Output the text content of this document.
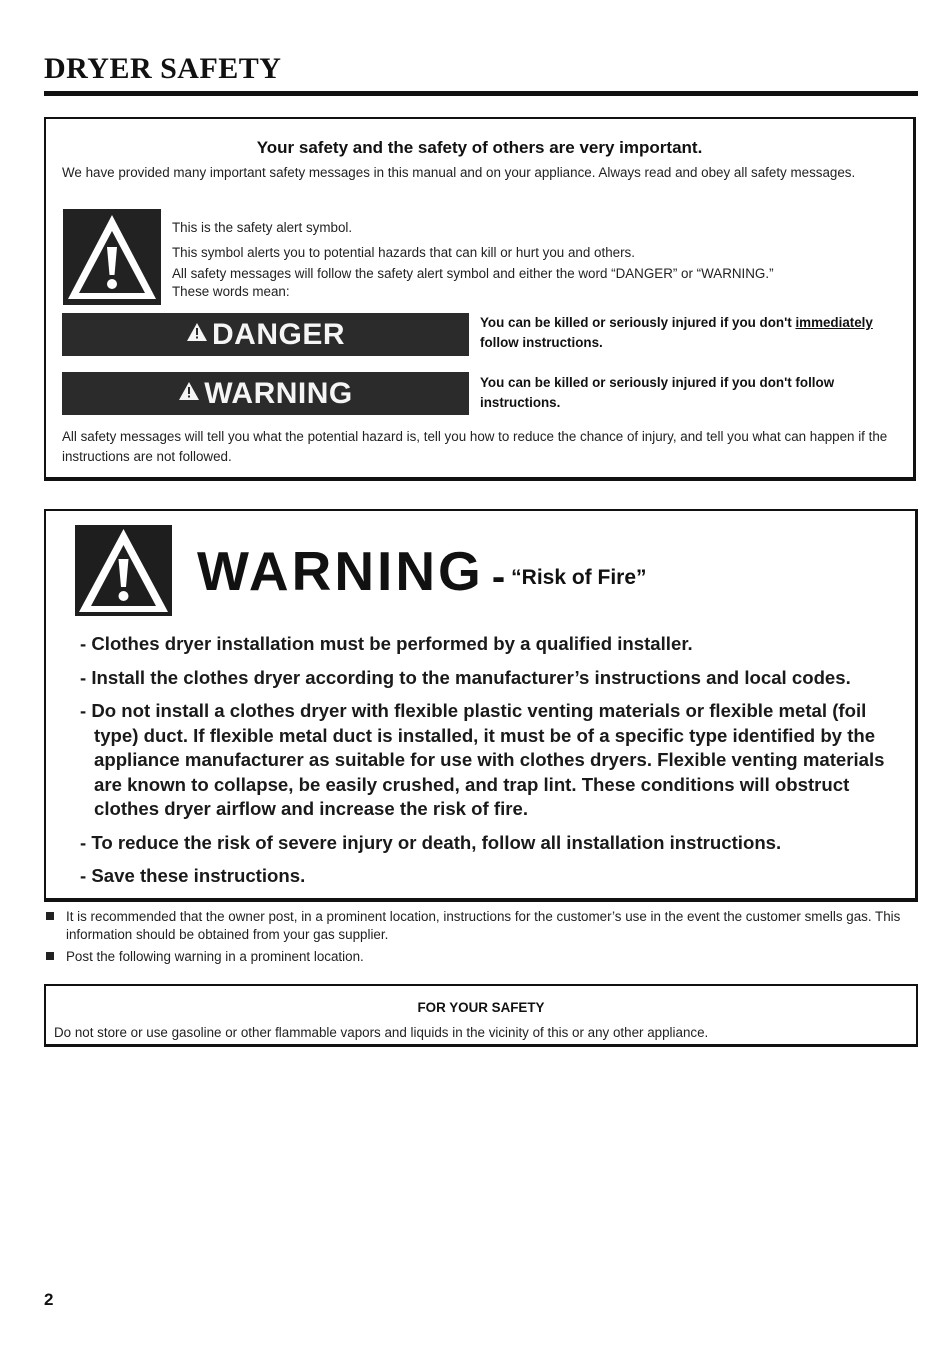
DRYER SAFETY
Your safety and the safety of others are very important.
We have provided many important safety messages in this manual and on your appliance. Always read and obey all safety messages.
This is the safety alert symbol.
This symbol alerts you to potential hazards that can kill or hurt you and others.
All safety messages will follow the safety alert symbol and either the word “DANGER” or “WARNING.”
These words mean:
DANGER	You can be killed or seriously injured if you don't immediately follow instructions.
WARNING	You can be killed or seriously injured if you don't follow instructions.
All safety messages will tell you what the potential hazard is, tell you how to reduce the chance of injury, and tell you what can happen if the instructions are not followed.
WARNING - “Risk of Fire”
- Clothes dryer installation must be performed by a qualified installer.
- Install the clothes dryer according to the manufacturer’s instructions and local codes.
- Do not install a clothes dryer with flexible plastic venting materials or flexible metal (foil type) duct. If flexible metal duct is installed, it must be of a specific type identified by the appliance manufacturer as suitable for use with clothes dryers. Flexible venting materials are known to collapse, be easily crushed, and trap lint. These conditions will obstruct clothes dryer airflow and increase the risk of fire.
- To reduce the risk of severe injury or death, follow all installation instructions.
- Save these instructions.
It is recommended that the owner post, in a prominent location, instructions for the customer’s use in the event the customer smells gas. This information should be obtained from your gas supplier.
Post the following warning in a prominent location.
FOR YOUR SAFETY
Do not store or use gasoline or other flammable vapors and liquids in the vicinity of this or any other appliance.
2
